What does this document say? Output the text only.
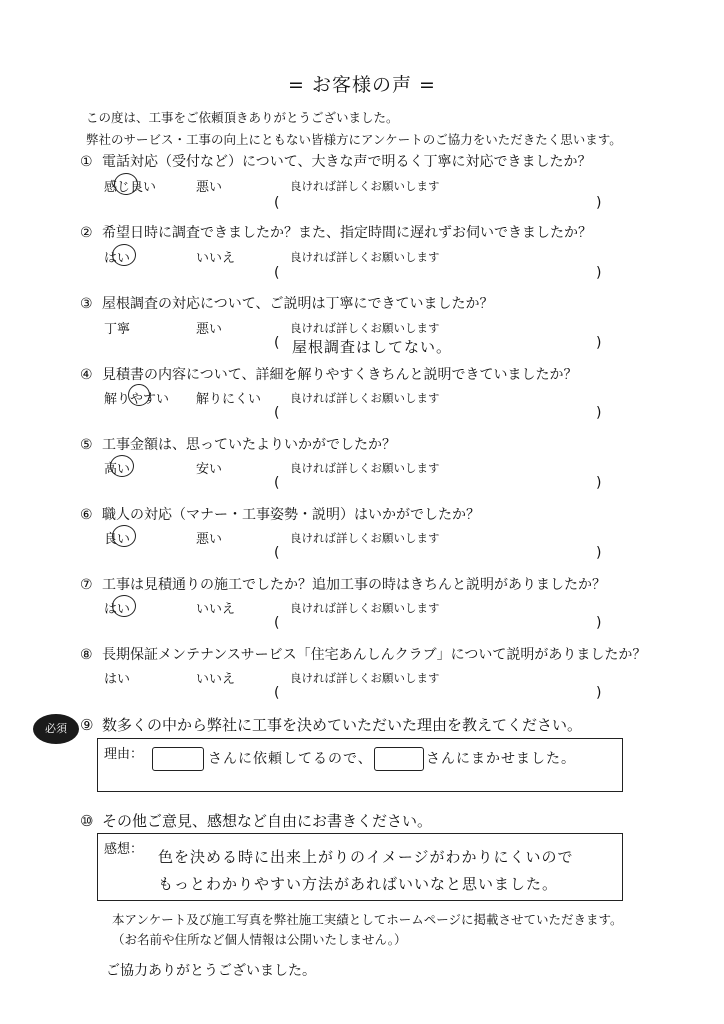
= お客様の声 =
この度は、工事をご依頼頂きありがとうございました。
弊社のサービス・工事の向上にともない皆様方にアンケートのご協力をいただきたく思います。
① 電話対応（受付など）について、大きな声で明るく丁寧に対応できましたか？
感じ良い	悪い	良ければ詳しくお願いします
(	)
② 希望日時に調査できましたか？また、指定時間に遅れずお伺いできましたか？
はい	いいえ	良ければ詳しくお願いします
(	)
③ 屋根調査の対応について、ご説明は丁寧にできていましたか？
丁寧	悪い	良ければ詳しくお願いします
( 屋根調査はしてない。	)
④ 見積書の内容について、詳細を解りやすくきちんと説明できていましたか？
解りやすい 解りにくい	良ければ詳しくお願いします
(	)
⑤ 工事金額は、思っていたよりいかがでしたか？
高い	安い	良ければ詳しくお願いします
(	)
⑥ 職人の対応（マナー・工事姿勢・説明）はいかがでしたか？
良い	悪い	良ければ詳しくお願いします
(	)
⑦ 工事は見積通りの施工でしたか？追加工事の時はきちんと説明がありましたか？
はい	いいえ	良ければ詳しくお願いします
(	)
⑧ 長期保証メンテナンスサービス「住宅あんしんクラブ」について説明がありましたか？
はい	いいえ	良ければ詳しくお願いします
(	)
必須 ⑨ 数多くの中から弊社に工事を決めていただいた理由を教えてください。
理由：	さんに依頼してるので、	さんにまかせました。
⑩ その他ご意見、感想など自由にお書きください。
感想： 色を決める時に出来上がりのイメージがわかりにくいので
もっとわかりやすい方法があればいいなと思いました。
本アンケート及び施工写真を弊社施工実績としてホームページに掲載させていただきます。
（お名前や住所など個人情報は公開いたしません。）
ご協力ありがとうございました。
